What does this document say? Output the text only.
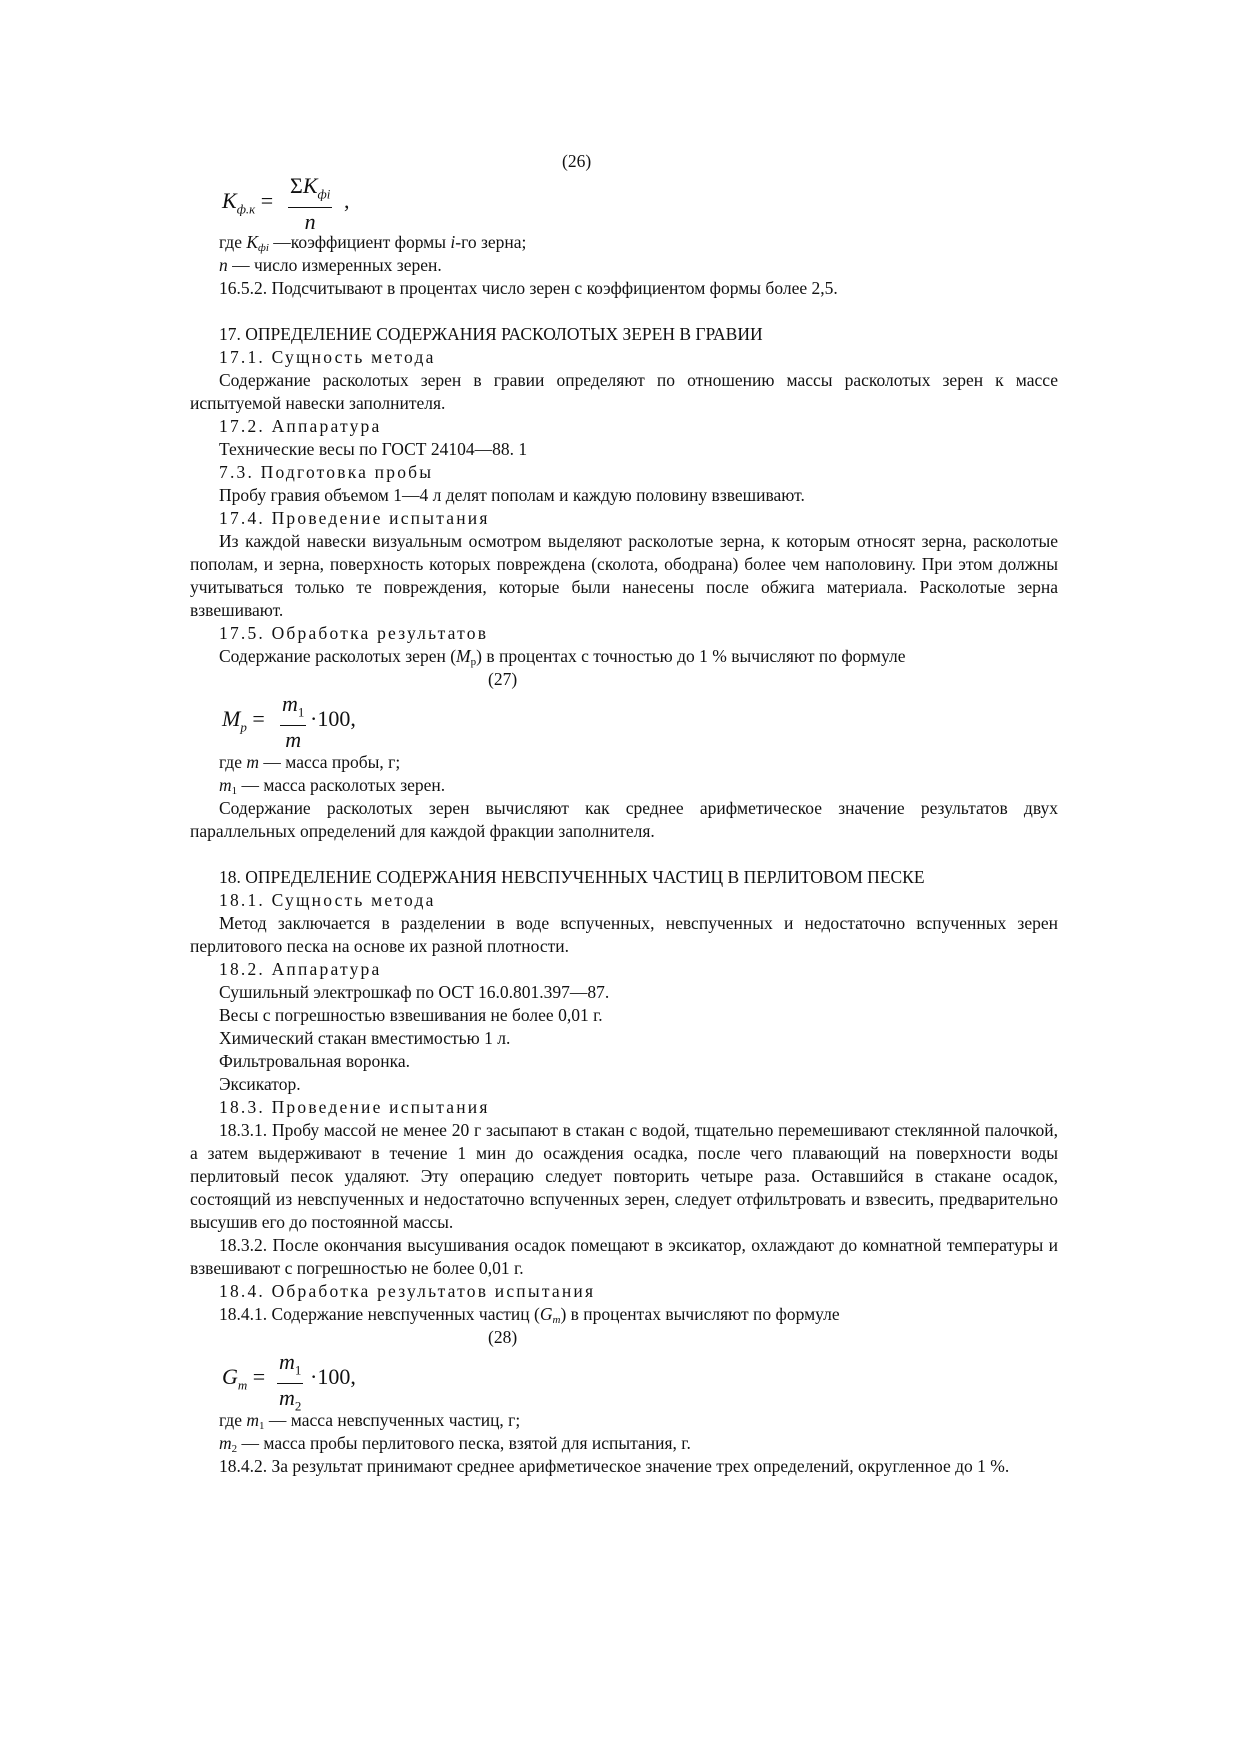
(26)

$K_{ф.к}$ =
$\Sigma K_{фi}$
n
,

где $K_{фi}$ —коэффициент формы i-го зерна;

n — число измеренных зерен.

16.5.2. Подсчитывают в процентах число зерен с коэффициентом формы более 2,5.

17. ОПРЕДЕЛЕНИЕ СОДЕРЖАНИЯ РАСКОЛОТЫХ ЗЕРЕН В ГРАВИИ

17.1. Сущность метода

Содержание расколотых зерен в гравии определяют по отношению массы расколотых зерен к массе испытуемой навески заполнителя.

17.2. Аппаратура

Технические весы по ГОСТ 24104—88. 1

7.3. Подготовка пробы

Пробу гравия объемом 1—4 л делят пополам и каждую половину взвешивают.

17.4. Проведение испытания

Из каждой навески визуальным осмотром выделяют расколотые зерна, к которым относят зерна, расколотые пополам, и зерна, поверхность которых повреждена (сколота, ободрана) более чем наполовину. При этом должны учитываться только те повреждения, которые были нанесены после обжига материала. Расколотые зерна взвешивают.

17.5. Обработка результатов

Содержание расколотых зерен $(M_р)$ в процентах с точностью до 1 % вычисляют по формуле

(27)

$M_p = \frac{m_1}{m} \cdot 100$,

где m — масса пробы, г;

$m_1$ — масса расколотых зерен.

Содержание расколотых зерен вычисляют как среднее арифметическое значение результатов двух параллельных определений для каждой фракции заполнителя.

18. ОПРЕДЕЛЕНИЕ СОДЕРЖАНИЯ НЕВСПУЧЕННЫХ ЧАСТИЦ В ПЕРЛИТОВОМ ПЕСКЕ

18.1. Сущность метода

Метод заключается в разделении в воде вспученных, невспученных и недостаточно вспученных зерен перлитового песка на основе их разной плотности.

18.2. Аппаратура

Сушильный электрошкаф по ОСТ 16.0.801.397—87.

Весы с погрешностью взвешивания не более 0,01 г.

Химический стакан вместимостью 1 л.

Фильтровальная воронка.

Эксикатор.

18.3. Проведение испытания

18.3.1. Пробу массой не менее 20 г засыпают в стакан с водой, тщательно перемешивают стеклянной палочкой, а затем выдерживают в течение 1 мин до осаждения осадка, после чего плавающий на поверхности воды перлитовый песок удаляют. Эту операцию следует повторить четыре раза. Оставшийся в стакане осадок, состоящий из невспученных и недостаточно вспученных зерен, следует отфильтровать и взвесить, предварительно высушив его до постоянной массы.

18.3.2. После окончания высушивания осадок помещают в эксикатор, охлаждают до комнатной температуры и взвешивают с погрешностью не более 0,01 г.

18.4. Обработка результатов испытания

18.4.1. Содержание невспученных частиц $(G_m)$ в процентах вычисляют по формуле

(28)

$G_m = \frac{m_1}{m_2} \cdot 100$,

где $m_1$ — масса невспученных частиц, г;

$m_2$ — масса пробы перлитового песка, взятой для испытания, г.

18.4.2. За результат принимают среднее арифметическое значение трех определений, округленное до 1 %.
